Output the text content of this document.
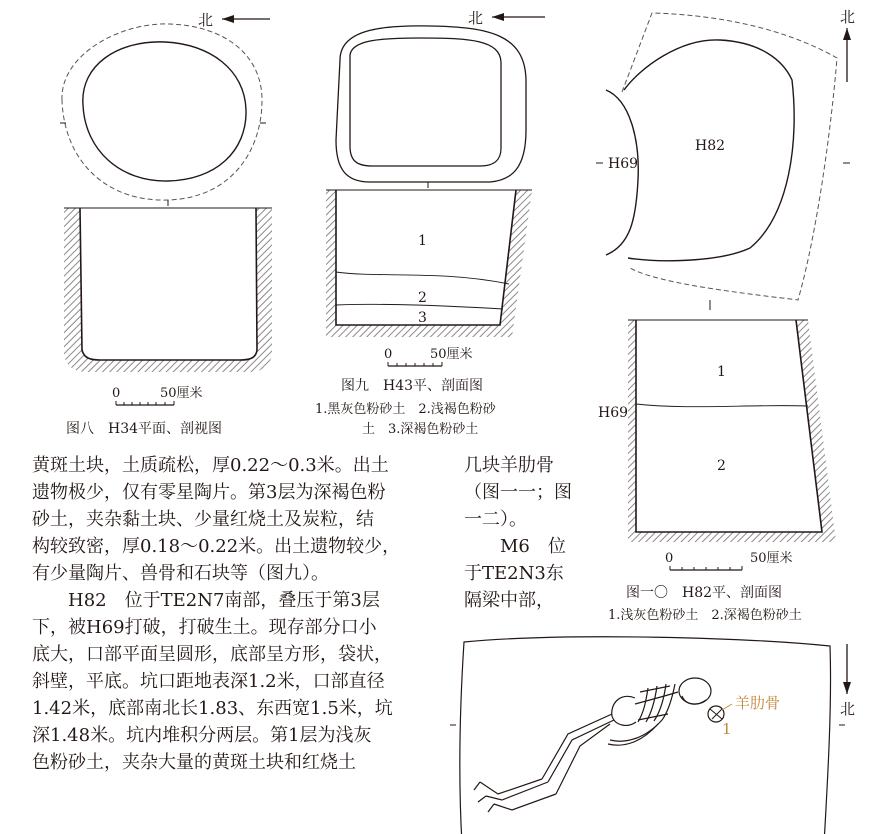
北
0	50厘米
图八　H34平面、剖视图
北
1
2
3
0	50厘米
图九　H43平、剖面图
1.黑灰色粉砂土　2.浅褐色粉砂
土　3.深褐色粉砂土
北
H82
H69
1
2
H69
0	50厘米
图一〇　H82平、剖面图
1.浅灰色粉砂土　2.深褐色粉砂土
羊肋骨
1
北
黄斑土块，土质疏松，厚0.22～0.3米。出土
遗物极少，仅有零星陶片。第3层为深褐色粉
砂土，夹杂黏土块、少量红烧土及炭粒，结
构较致密，厚0.18～0.22米。出土遗物较少，
有少量陶片、兽骨和石块等（图九）。
H82　位于TE2N7南部，叠压于第3层
下，被H69打破，打破生土。现存部分口小
底大，口部平面呈圆形，底部呈方形，袋状，
斜壁，平底。坑口距地表深1.2米，口部直径
1.42米，底部南北长1.83、东西宽1.5米，坑
深1.48米。坑内堆积分两层。第1层为浅灰
色粉砂土，夹杂大量的黄斑土块和红烧土
几块羊肋骨
（图一一；图
一二）。
M6　位
于TE2N3东
隔梁中部，
